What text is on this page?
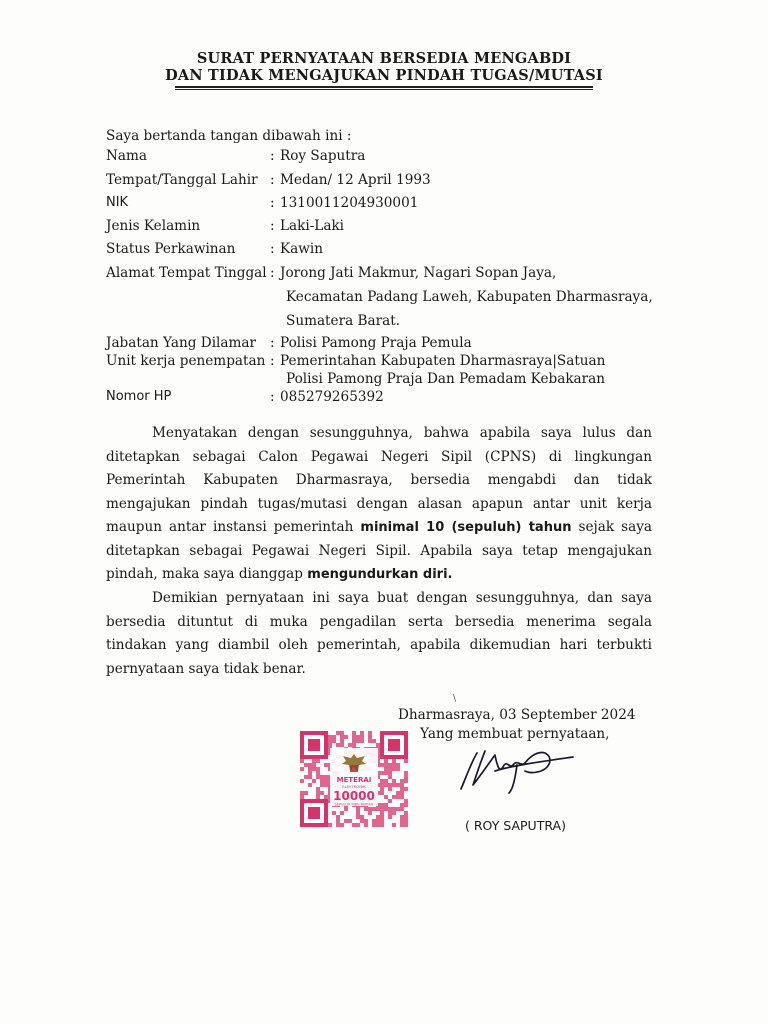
SURAT PERNYATAAN BERSEDIA MENGABDI
DAN TIDAK MENGAJUKAN PINDAH TUGAS/MUTASI
Saya bertanda tangan dibawah ini :
Nama	: Roy Saputra
Tempat/Tanggal Lahir : Medan/ 12 April 1993
NIK	: 1310011204930001
Jenis Kelamin	: Laki-Laki
Status Perkawinan	: Kawin
Alamat Tempat Tinggal : Jorong Jati Makmur, Nagari Sopan Jaya,
Kecamatan Padang Laweh, Kabupaten Dharmasraya,
Sumatera Barat.
Jabatan Yang Dilamar : Polisi Pamong Praja Pemula
Unit kerja penempatan : Pemerintahan Kabupaten Dharmasraya|Satuan
Polisi Pamong Praja Dan Pemadam Kebakaran
Nomor HP	: 085279265392

Menyatakan dengan sesungguhnya, bahwa apabila saya lulus dan ditetapkan sebagai Calon Pegawai Negeri Sipil (CPNS) di lingkungan Pemerintah Kabupaten Dharmasraya, bersedia mengabdi dan tidak mengajukan pindah tugas/mutasi dengan alasan apapun antar unit kerja maupun antar instansi pemerintah minimal 10 (sepuluh) tahun sejak saya ditetapkan sebagai Pegawai Negeri Sipil. Apabila saya tetap mengajukan pindah, maka saya dianggap mengundurkan diri.

Demikian pernyataan ini saya buat dengan sesungguhnya, dan saya bersedia dituntut di muka pengadilan serta bersedia menerima segala tindakan yang diambil oleh pemerintah, apabila dikemudian hari terbukti pernyataan saya tidak benar.

\
Dharmasraya, 03 September 2024
Yang membuat pernyataan,
METERAI
ELEKTRONIK
10000
SEPULUH RIBU RUPIAH
( ROY SAPUTRA)
